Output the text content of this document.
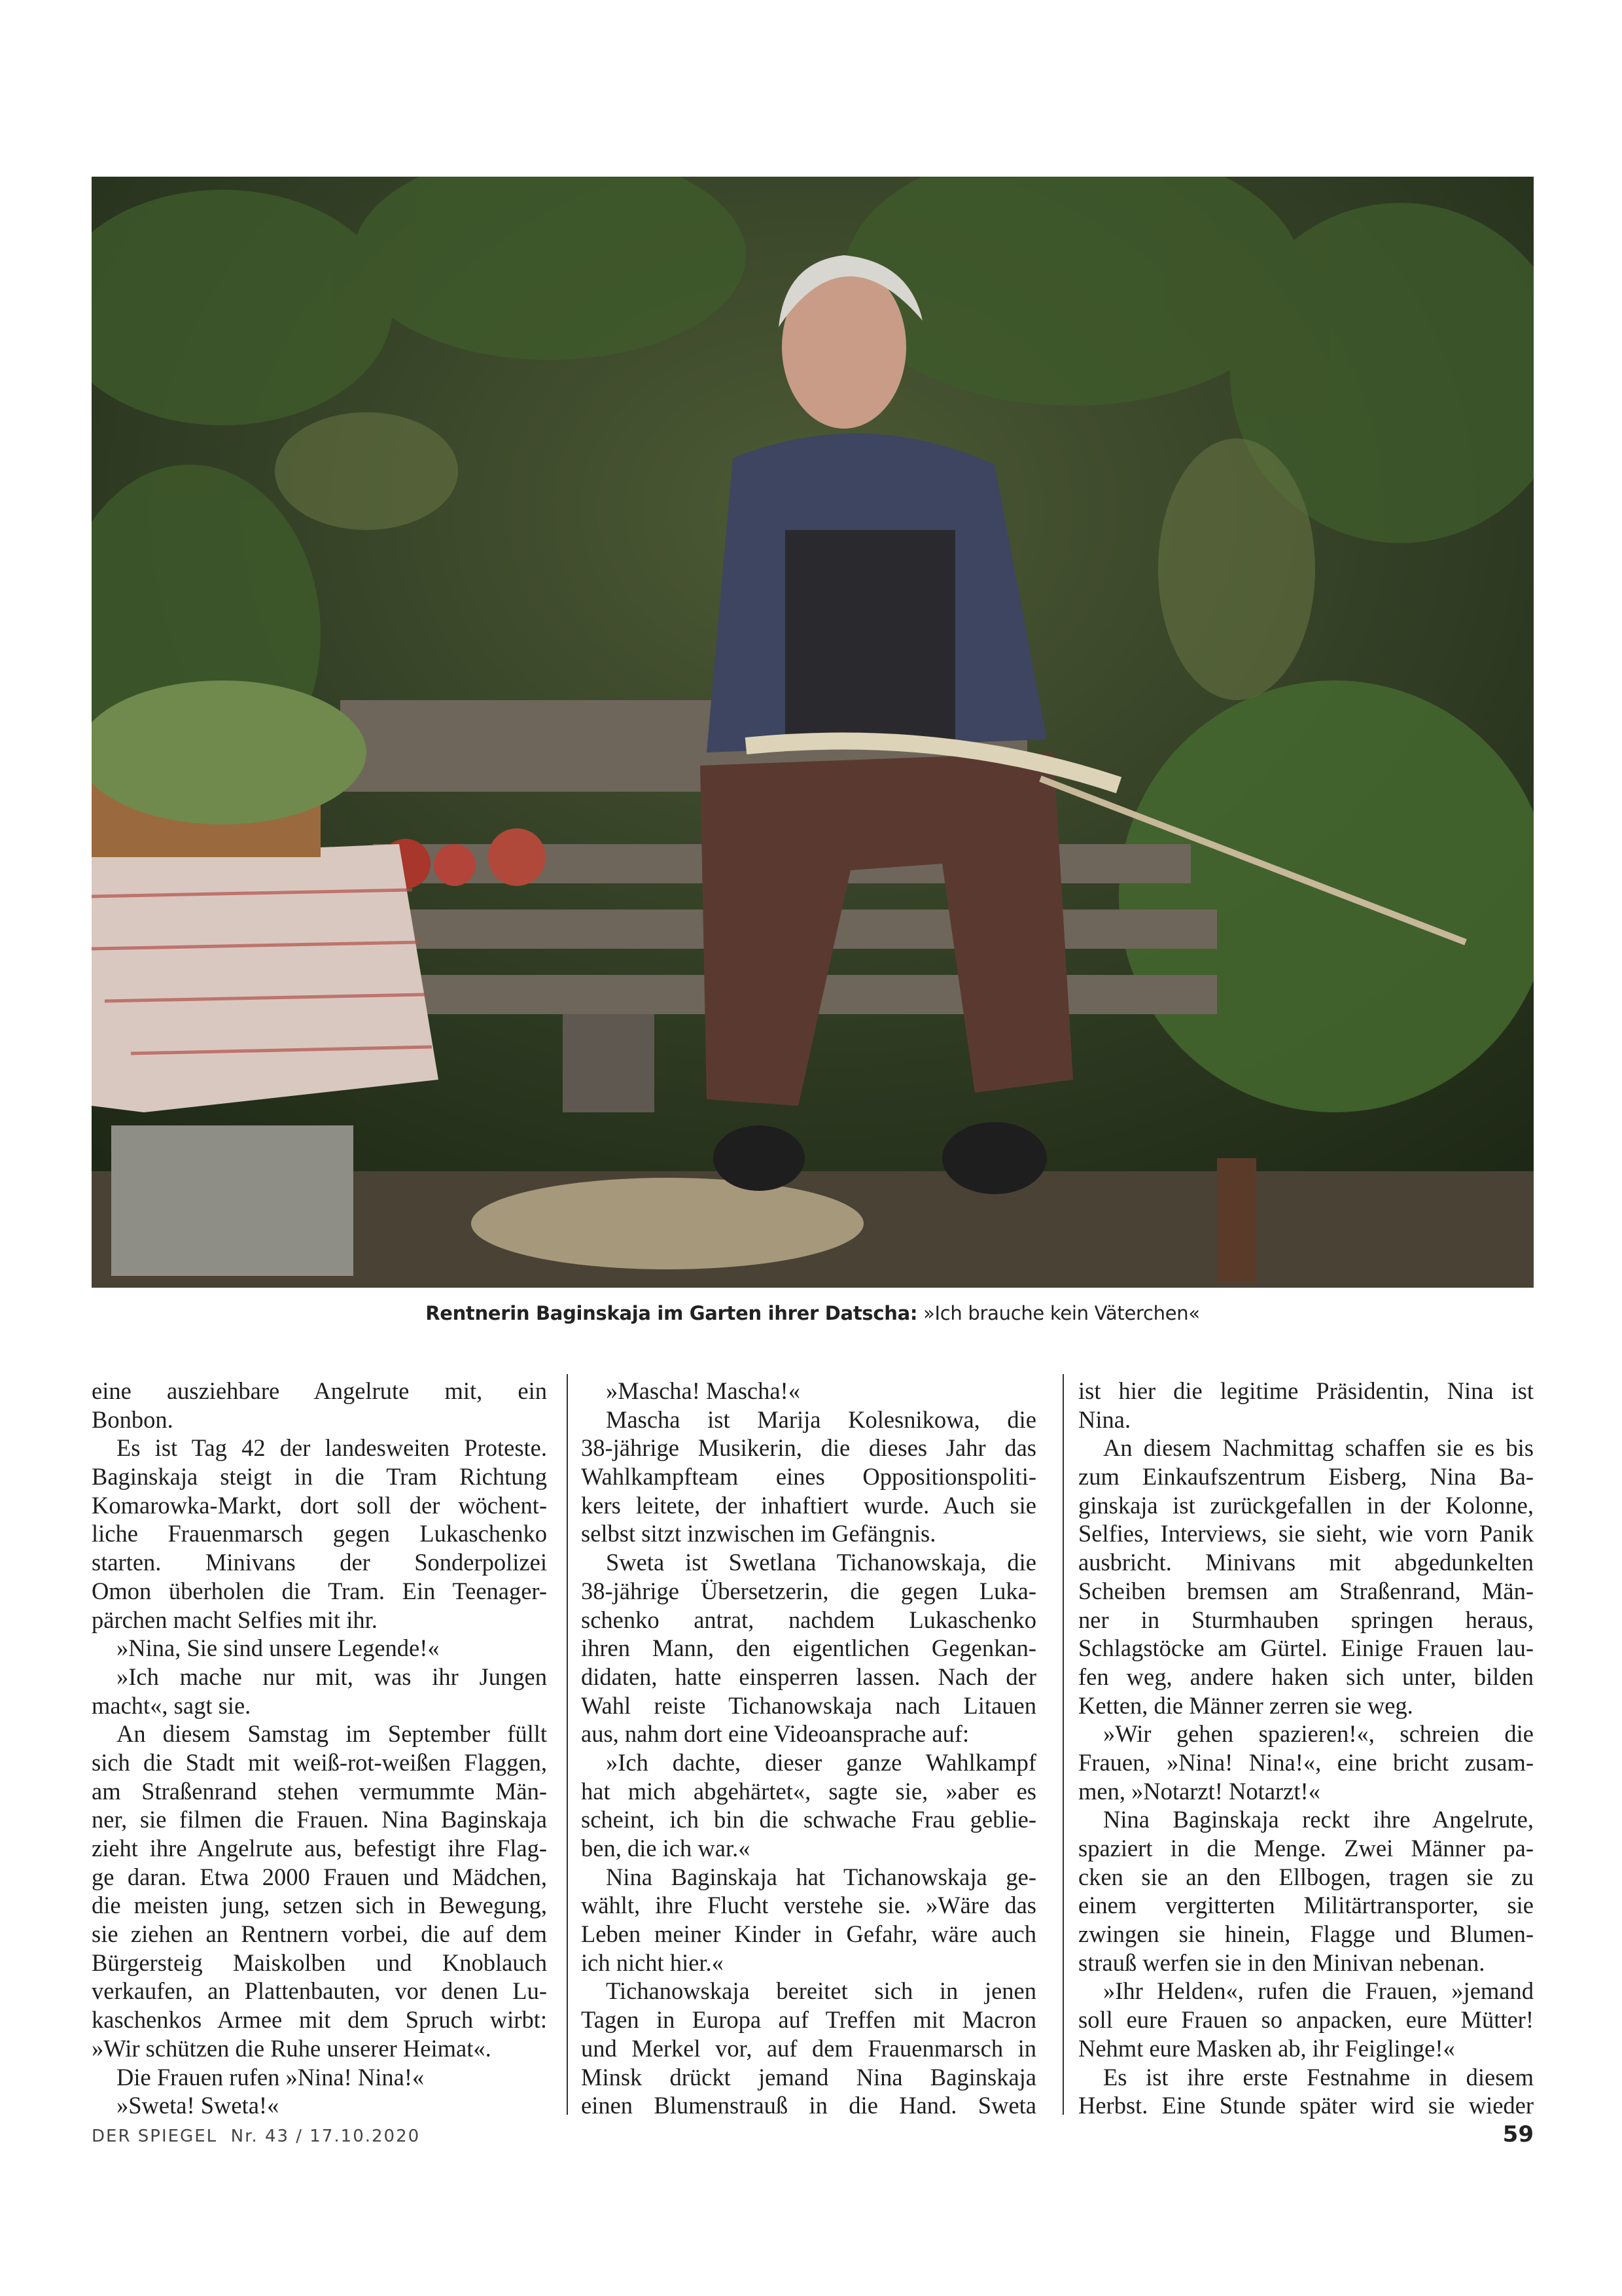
Rentnerin Baginskaja im Garten ihrer Datscha: »Ich brauche kein Väterchen«
eine ausziehbare Angelrute mit, ein
Bonbon.
Es ist Tag 42 der landesweiten Proteste.
Baginskaja steigt in die Tram Richtung
Komarowka-Markt, dort soll der wöchent-
liche Frauenmarsch gegen Lukaschenko
starten. Minivans der Sonderpolizei
Omon überholen die Tram. Ein Teenager-
pärchen macht Selfies mit ihr.
»Nina, Sie sind unsere Legende!«
»Ich mache nur mit, was ihr Jungen
macht«, sagt sie.
An diesem Samstag im September füllt
sich die Stadt mit weiß-rot-weißen Flaggen,
am Straßenrand stehen vermummte Män-
ner, sie filmen die Frauen. Nina Baginskaja
zieht ihre Angelrute aus, befestigt ihre Flag-
ge daran. Etwa 2000 Frauen und Mädchen,
die meisten jung, setzen sich in Bewegung,
sie ziehen an Rentnern vorbei, die auf dem
Bürgersteig Maiskolben und Knoblauch
verkaufen, an Plattenbauten, vor denen Lu-
kaschenkos Armee mit dem Spruch wirbt:
»Wir schützen die Ruhe unserer Heimat«.
Die Frauen rufen »Nina! Nina!«
»Sweta! Sweta!«
»Mascha! Mascha!«
Mascha ist Marija Kolesnikowa, die
38-jährige Musikerin, die dieses Jahr das
Wahlkampfteam eines Oppositionspoliti-
kers leitete, der inhaftiert wurde. Auch sie
selbst sitzt inzwischen im Gefängnis.
Sweta ist Swetlana Tichanowskaja, die
38-jährige Übersetzerin, die gegen Luka-
schenko antrat, nachdem Lukaschenko
ihren Mann, den eigentlichen Gegenkan-
didaten, hatte einsperren lassen. Nach der
Wahl reiste Tichanowskaja nach Litauen
aus, nahm dort eine Videoansprache auf:
»Ich dachte, dieser ganze Wahlkampf
hat mich abgehärtet«, sagte sie, »aber es
scheint, ich bin die schwache Frau geblie-
ben, die ich war.«
Nina Baginskaja hat Tichanowskaja ge-
wählt, ihre Flucht verstehe sie. »Wäre das
Leben meiner Kinder in Gefahr, wäre auch
ich nicht hier.«
Tichanowskaja bereitet sich in jenen
Tagen in Europa auf Treffen mit Macron
und Merkel vor, auf dem Frauenmarsch in
Minsk drückt jemand Nina Baginskaja
einen Blumenstrauß in die Hand. Sweta
ist hier die legitime Präsidentin, Nina ist
Nina.
An diesem Nachmittag schaffen sie es bis
zum Einkaufszentrum Eisberg, Nina Ba-
ginskaja ist zurückgefallen in der Kolonne,
Selfies, Interviews, sie sieht, wie vorn Panik
ausbricht. Minivans mit abgedunkelten
Scheiben bremsen am Straßenrand, Män-
ner in Sturmhauben springen heraus,
Schlagstöcke am Gürtel. Einige Frauen lau-
fen weg, andere haken sich unter, bilden
Ketten, die Männer zerren sie weg.
»Wir gehen spazieren!«, schreien die
Frauen, »Nina! Nina!«, eine bricht zusam-
men, »Notarzt! Notarzt!«
Nina Baginskaja reckt ihre Angelrute,
spaziert in die Menge. Zwei Männer pa-
cken sie an den Ellbogen, tragen sie zu
einem vergitterten Militärtransporter, sie
zwingen sie hinein, Flagge und Blumen-
strauß werfen sie in den Minivan nebenan.
»Ihr Helden«, rufen die Frauen, »jemand
soll eure Frauen so anpacken, eure Mütter!
Nehmt eure Masken ab, ihr Feiglinge!«
Es ist ihre erste Festnahme in diesem
Herbst. Eine Stunde später wird sie wieder
DER SPIEGEL Nr. 43 / 17.10.2020	59
